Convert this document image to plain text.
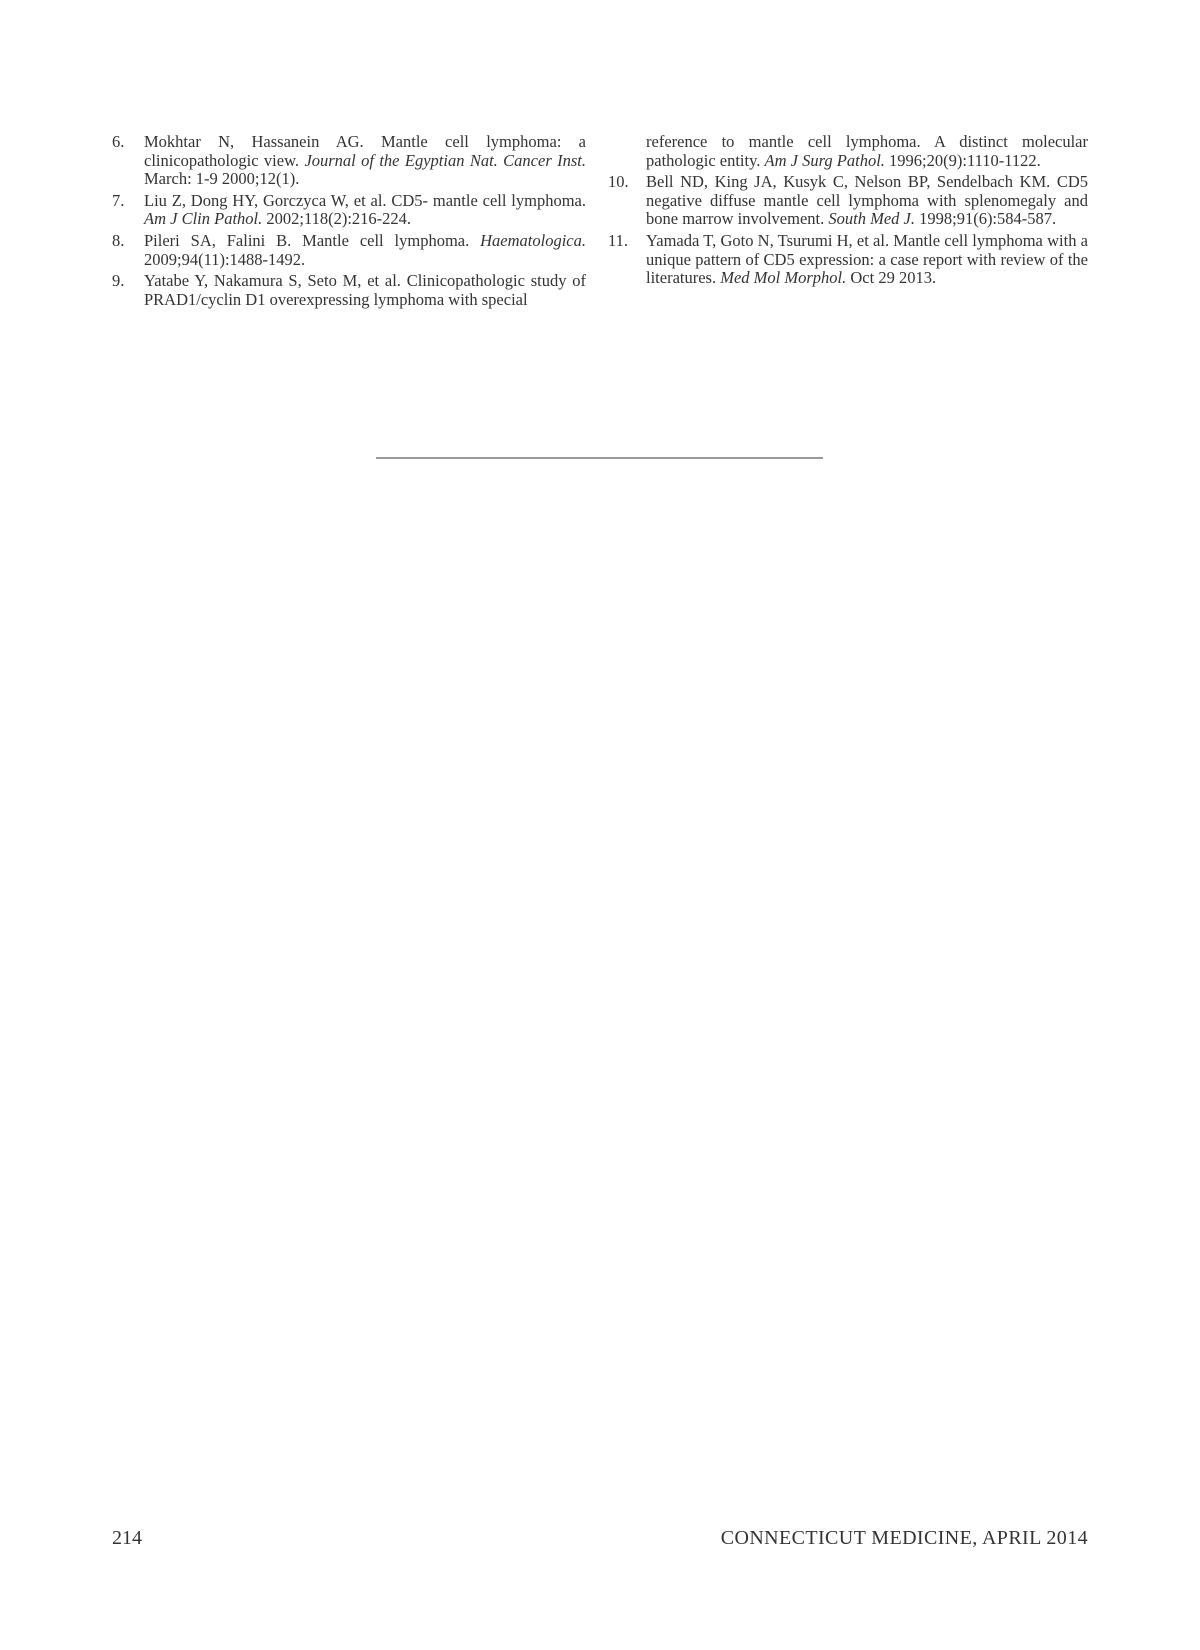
6.	Mokhtar N, Hassanein AG. Mantle cell lymphoma: a clinicopathologic view. Journal of the Egyptian Nat. Cancer Inst. March: 1-9 2000;12(1).
7.	Liu Z, Dong HY, Gorczyca W, et al. CD5- mantle cell lymphoma. Am J Clin Pathol. 2002;118(2):216-224.
8.	Pileri SA, Falini B. Mantle cell lymphoma. Haematologica. 2009;94(11):1488-1492.
9.	Yatabe Y, Nakamura S, Seto M, et al. Clinicopathologic study of PRAD1/cyclin D1 overexpressing lymphoma with special
reference to mantle cell lymphoma. A distinct molecular pathologic entity. Am J Surg Pathol. 1996;20(9):1110-1122.
10.	Bell ND, King JA, Kusyk C, Nelson BP, Sendelbach KM. CD5 negative diffuse mantle cell lymphoma with splenomegaly and bone marrow involvement. South Med J. 1998;91(6):584-587.
11.	Yamada T, Goto N, Tsurumi H, et al. Mantle cell lymphoma with a unique pattern of CD5 expression: a case report with review of the literatures. Med Mol Morphol. Oct 29 2013.
214	CONNECTICUT MEDICINE, APRIL 2014
